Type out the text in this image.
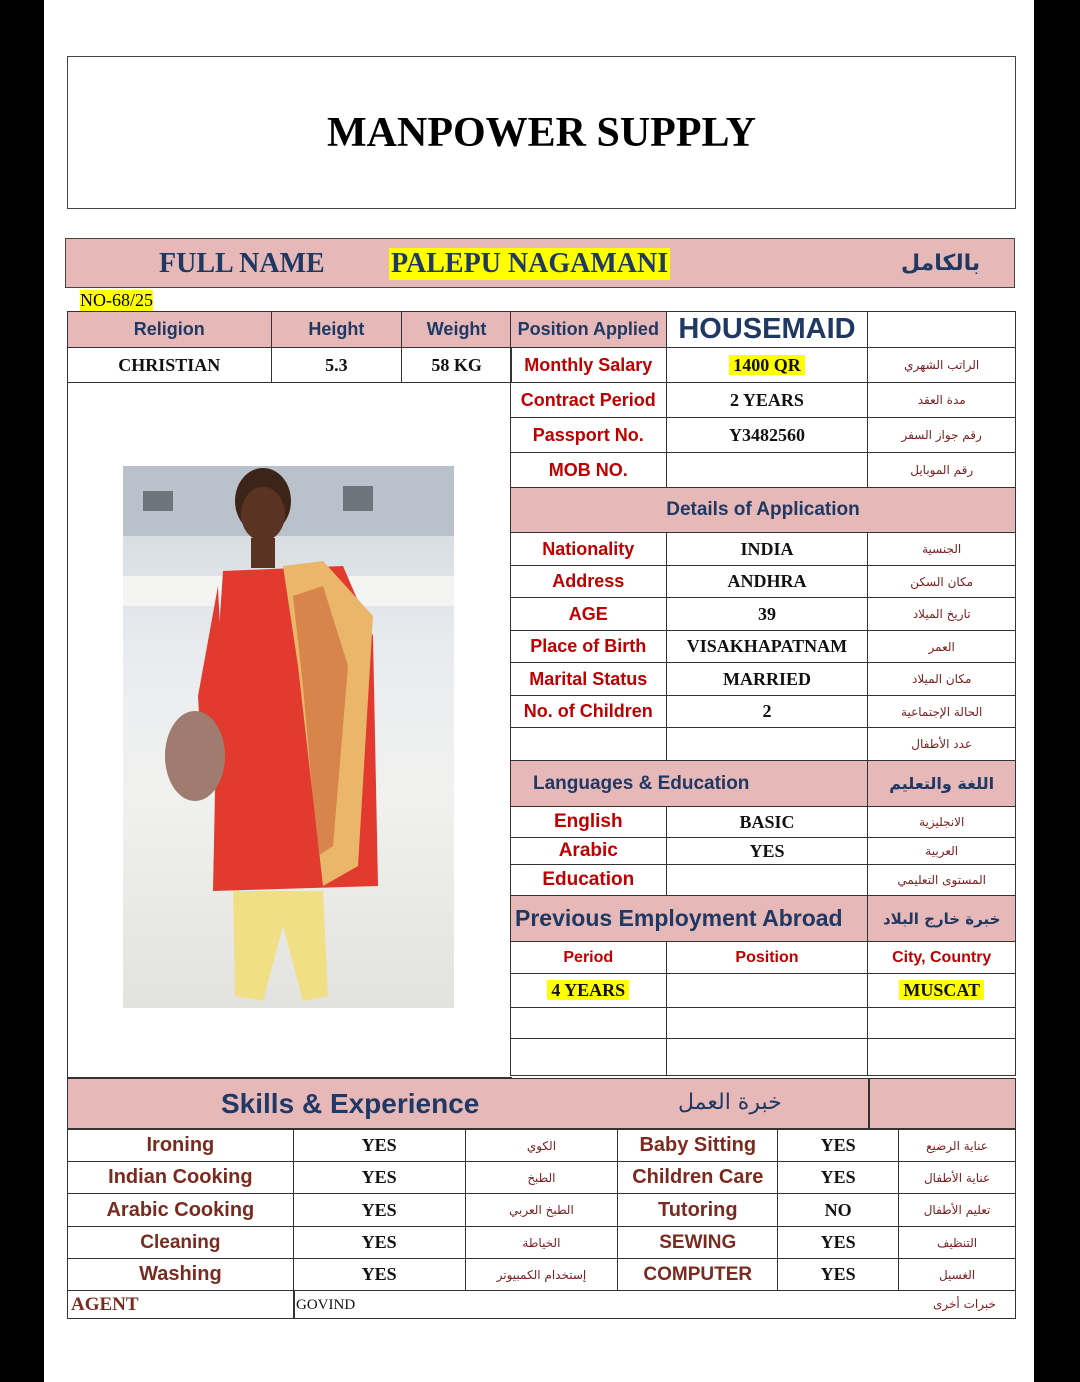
MANPOWER SUPPLY
FULL NAME PALEPU NAGAMANI	بالكامل
NO-68/25
Religion	Height	Weight
CHRISTIAN	5.3	58 KG
Position Applied	HOUSEMAID	
Monthly Salary	1400 QR	الراتب الشهري
Contract Period	2 YEARS	مدة العقد
Passport No.	Y3482560	رقم جواز السفر
MOB NO.		رقم الموبايل
Details of Application		
Nationality	INDIA	الجنسية
Address	ANDHRA	مكان السكن
AGE	39	تاريخ الميلاد
Place of Birth	VISAKHAPATNAM	العمر
Marital Status	MARRIED	مكان الميلاد
No. of Children	2	الحالة الإجتماعية
		عدد الأطفال
Languages & Education		اللغة والتعليم
English	BASIC	الانجليزية
Arabic	YES	العربية
Education		المستوى التعليمي
Previous Employment Abroad		خبرة خارج البلاد
Period	Position	City, Country
4 YEARS		MUSCAT

Skills & Experience	خبرة العمل
Ironing	YES	الكوي	Baby Sitting	YES	عناية الرضيع
Indian Cooking	YES	الطبخ	Children Care	YES	عناية الأطفال
Arabic Cooking	YES	الطبخ العربي	Tutoring	NO	تعليم الأطفال
Cleaning	YES	الخياطة	SEWING	YES	التنظيف
Washing	YES	إستخدام الكمبيوتر	COMPUTER	YES	الغسيل
AGENT	GOVIND	خبرات أخرى
